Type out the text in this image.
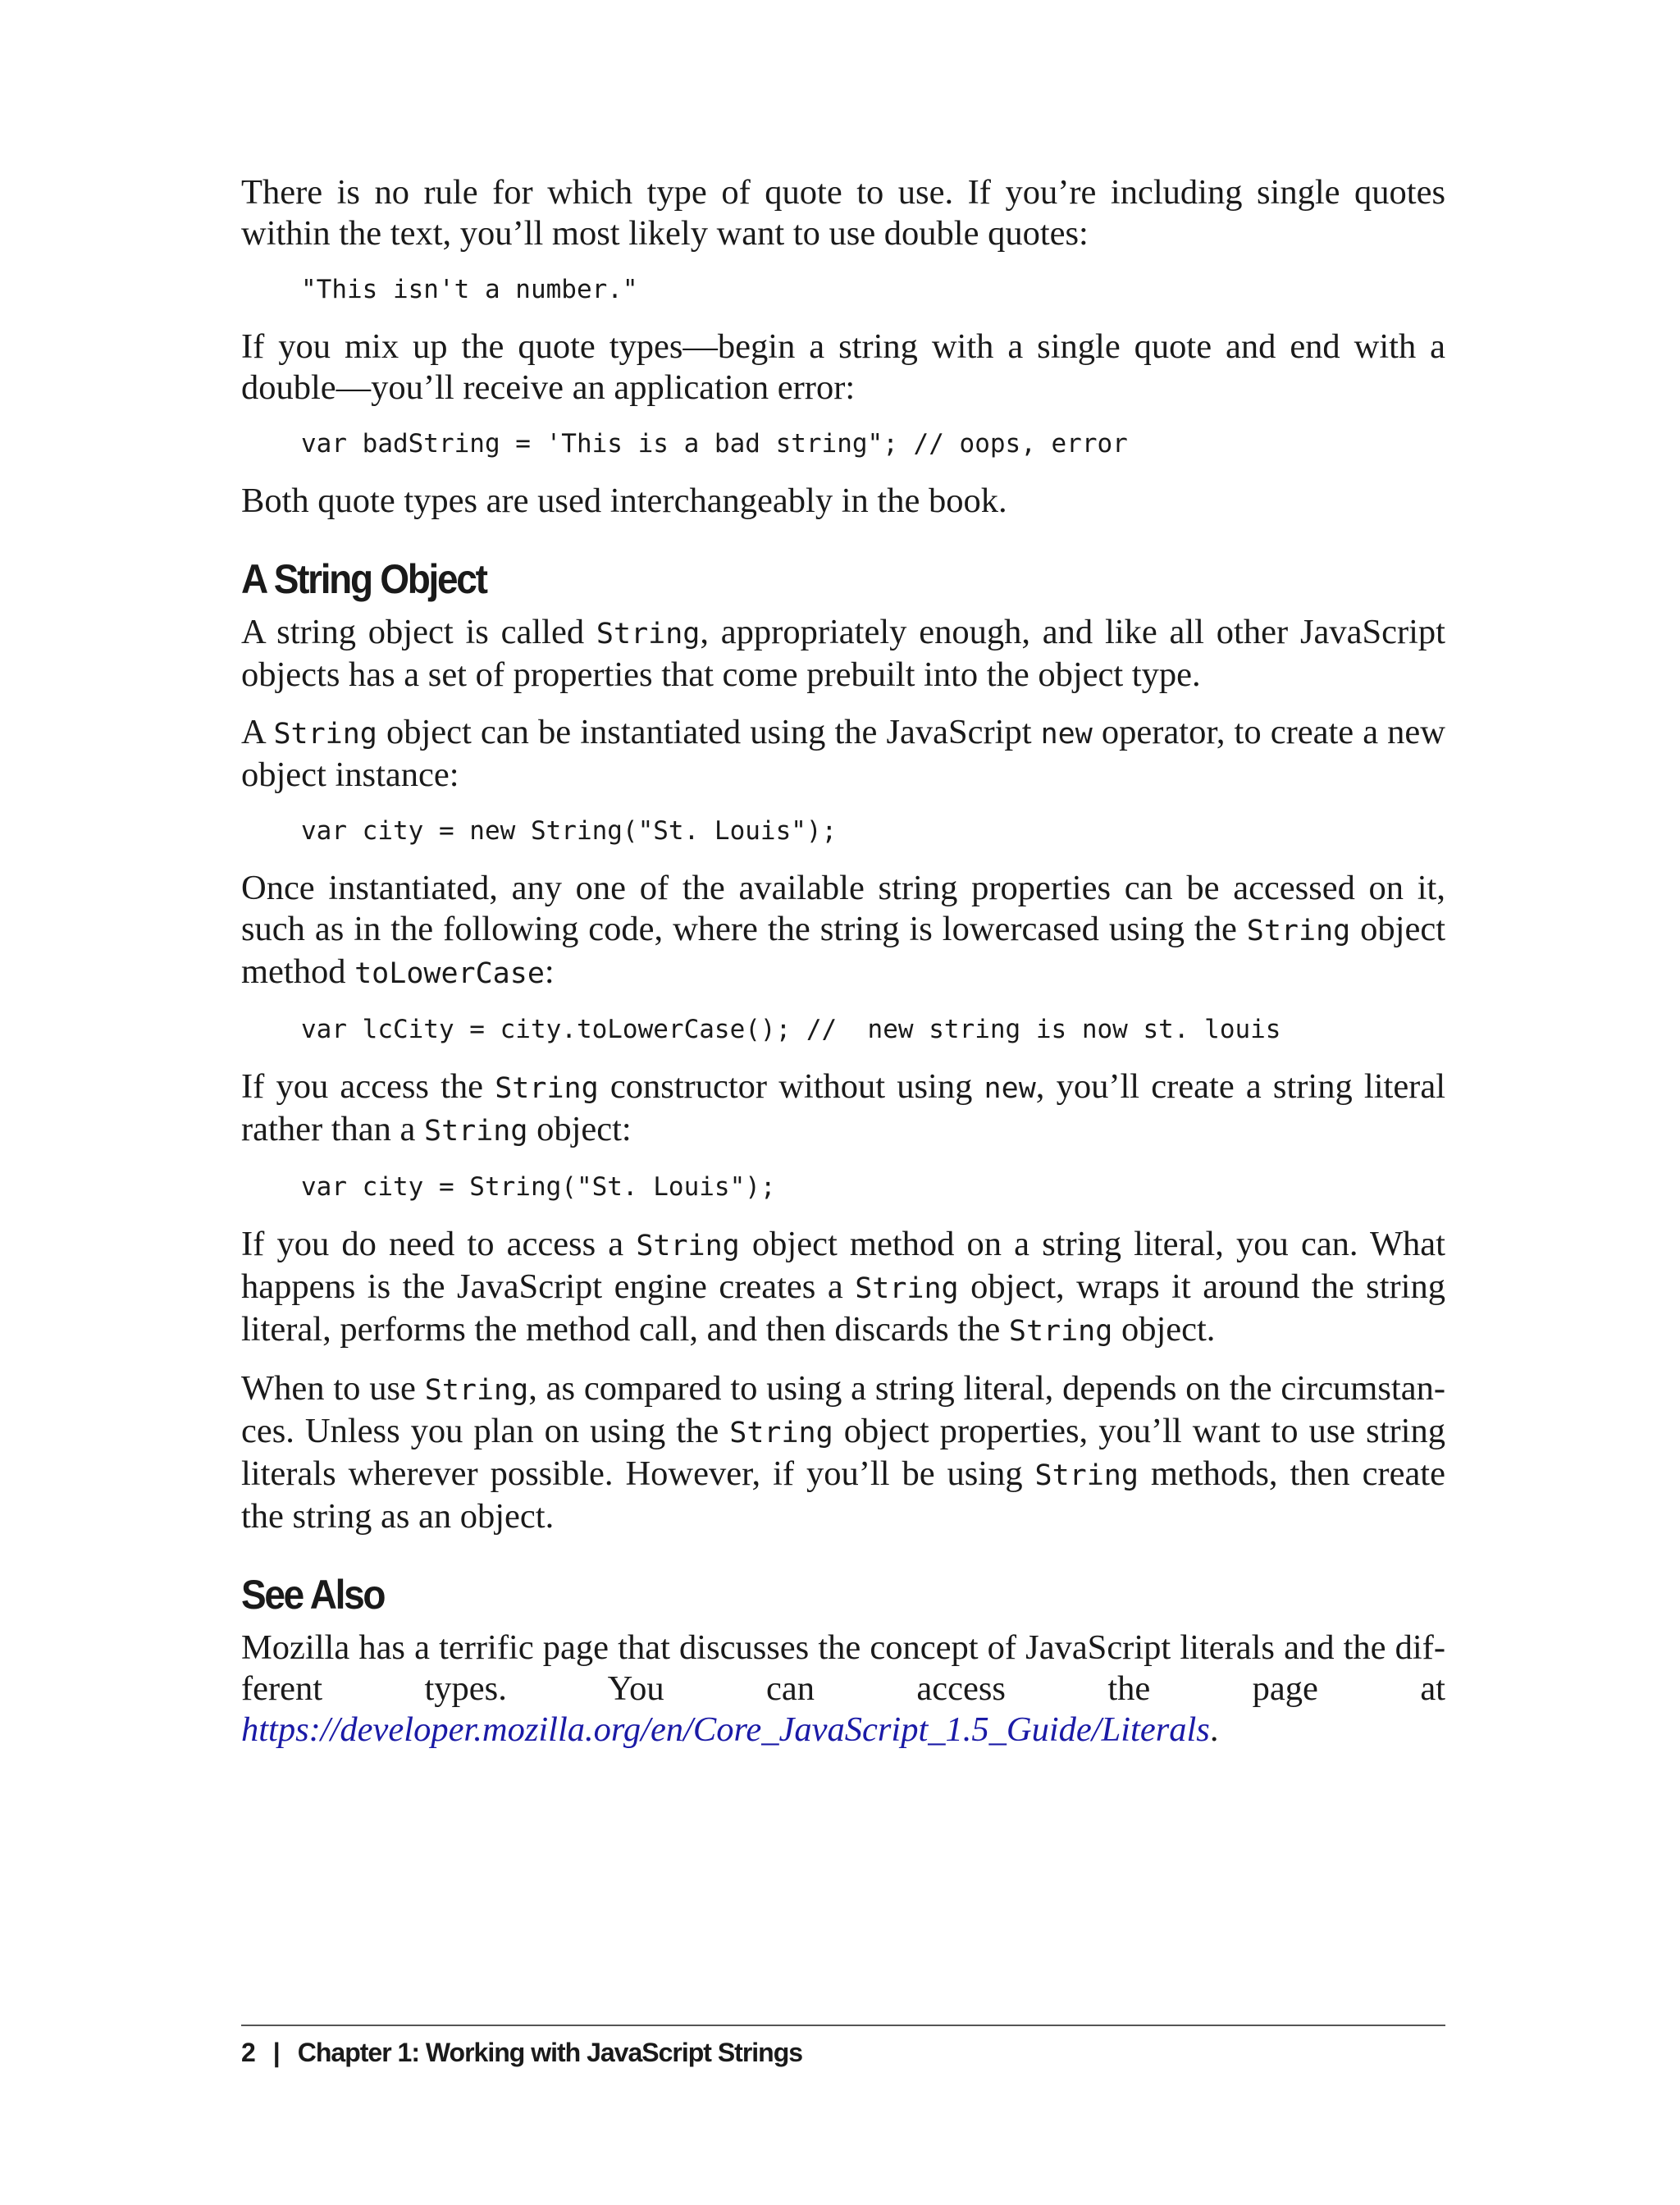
There is no rule for which type of quote to use. If you’re including single quotes within the text, you’ll most likely want to use double quotes:

"This isn't a number."

If you mix up the quote types—begin a string with a single quote and end with a double—you’ll receive an application error:

var badString = 'This is a bad string"; // oops, error

Both quote types are used interchangeably in the book.

A String Object

A string object is called String, appropriately enough, and like all other JavaScript objects has a set of properties that come prebuilt into the object type.

A String object can be instantiated using the JavaScript new operator, to create a new object instance:

var city = new String("St. Louis");

Once instantiated, any one of the available string properties can be accessed on it, such as in the following code, where the string is lowercased using the String object method toLowerCase:

var lcCity = city.toLowerCase(); //  new string is now st. louis

If you access the String constructor without using new, you’ll create a string literal rather than a String object:

var city = String("St. Louis");

If you do need to access a String object method on a string literal, you can. What happens is the JavaScript engine creates a String object, wraps it around the string literal, performs the method call, and then discards the String object.

When to use String, as compared to using a string literal, depends on the circumstances. Unless you plan on using the String object properties, you’ll want to use string literals wherever possible. However, if you’ll be using String methods, then create the string as an object.

See Also

Mozilla has a terrific page that discusses the concept of JavaScript literals and the different types. You can access the page at https://developer.mozilla.org/en/Core_JavaScript_1.5_Guide/Literals.

2 | Chapter 1: Working with JavaScript Strings
